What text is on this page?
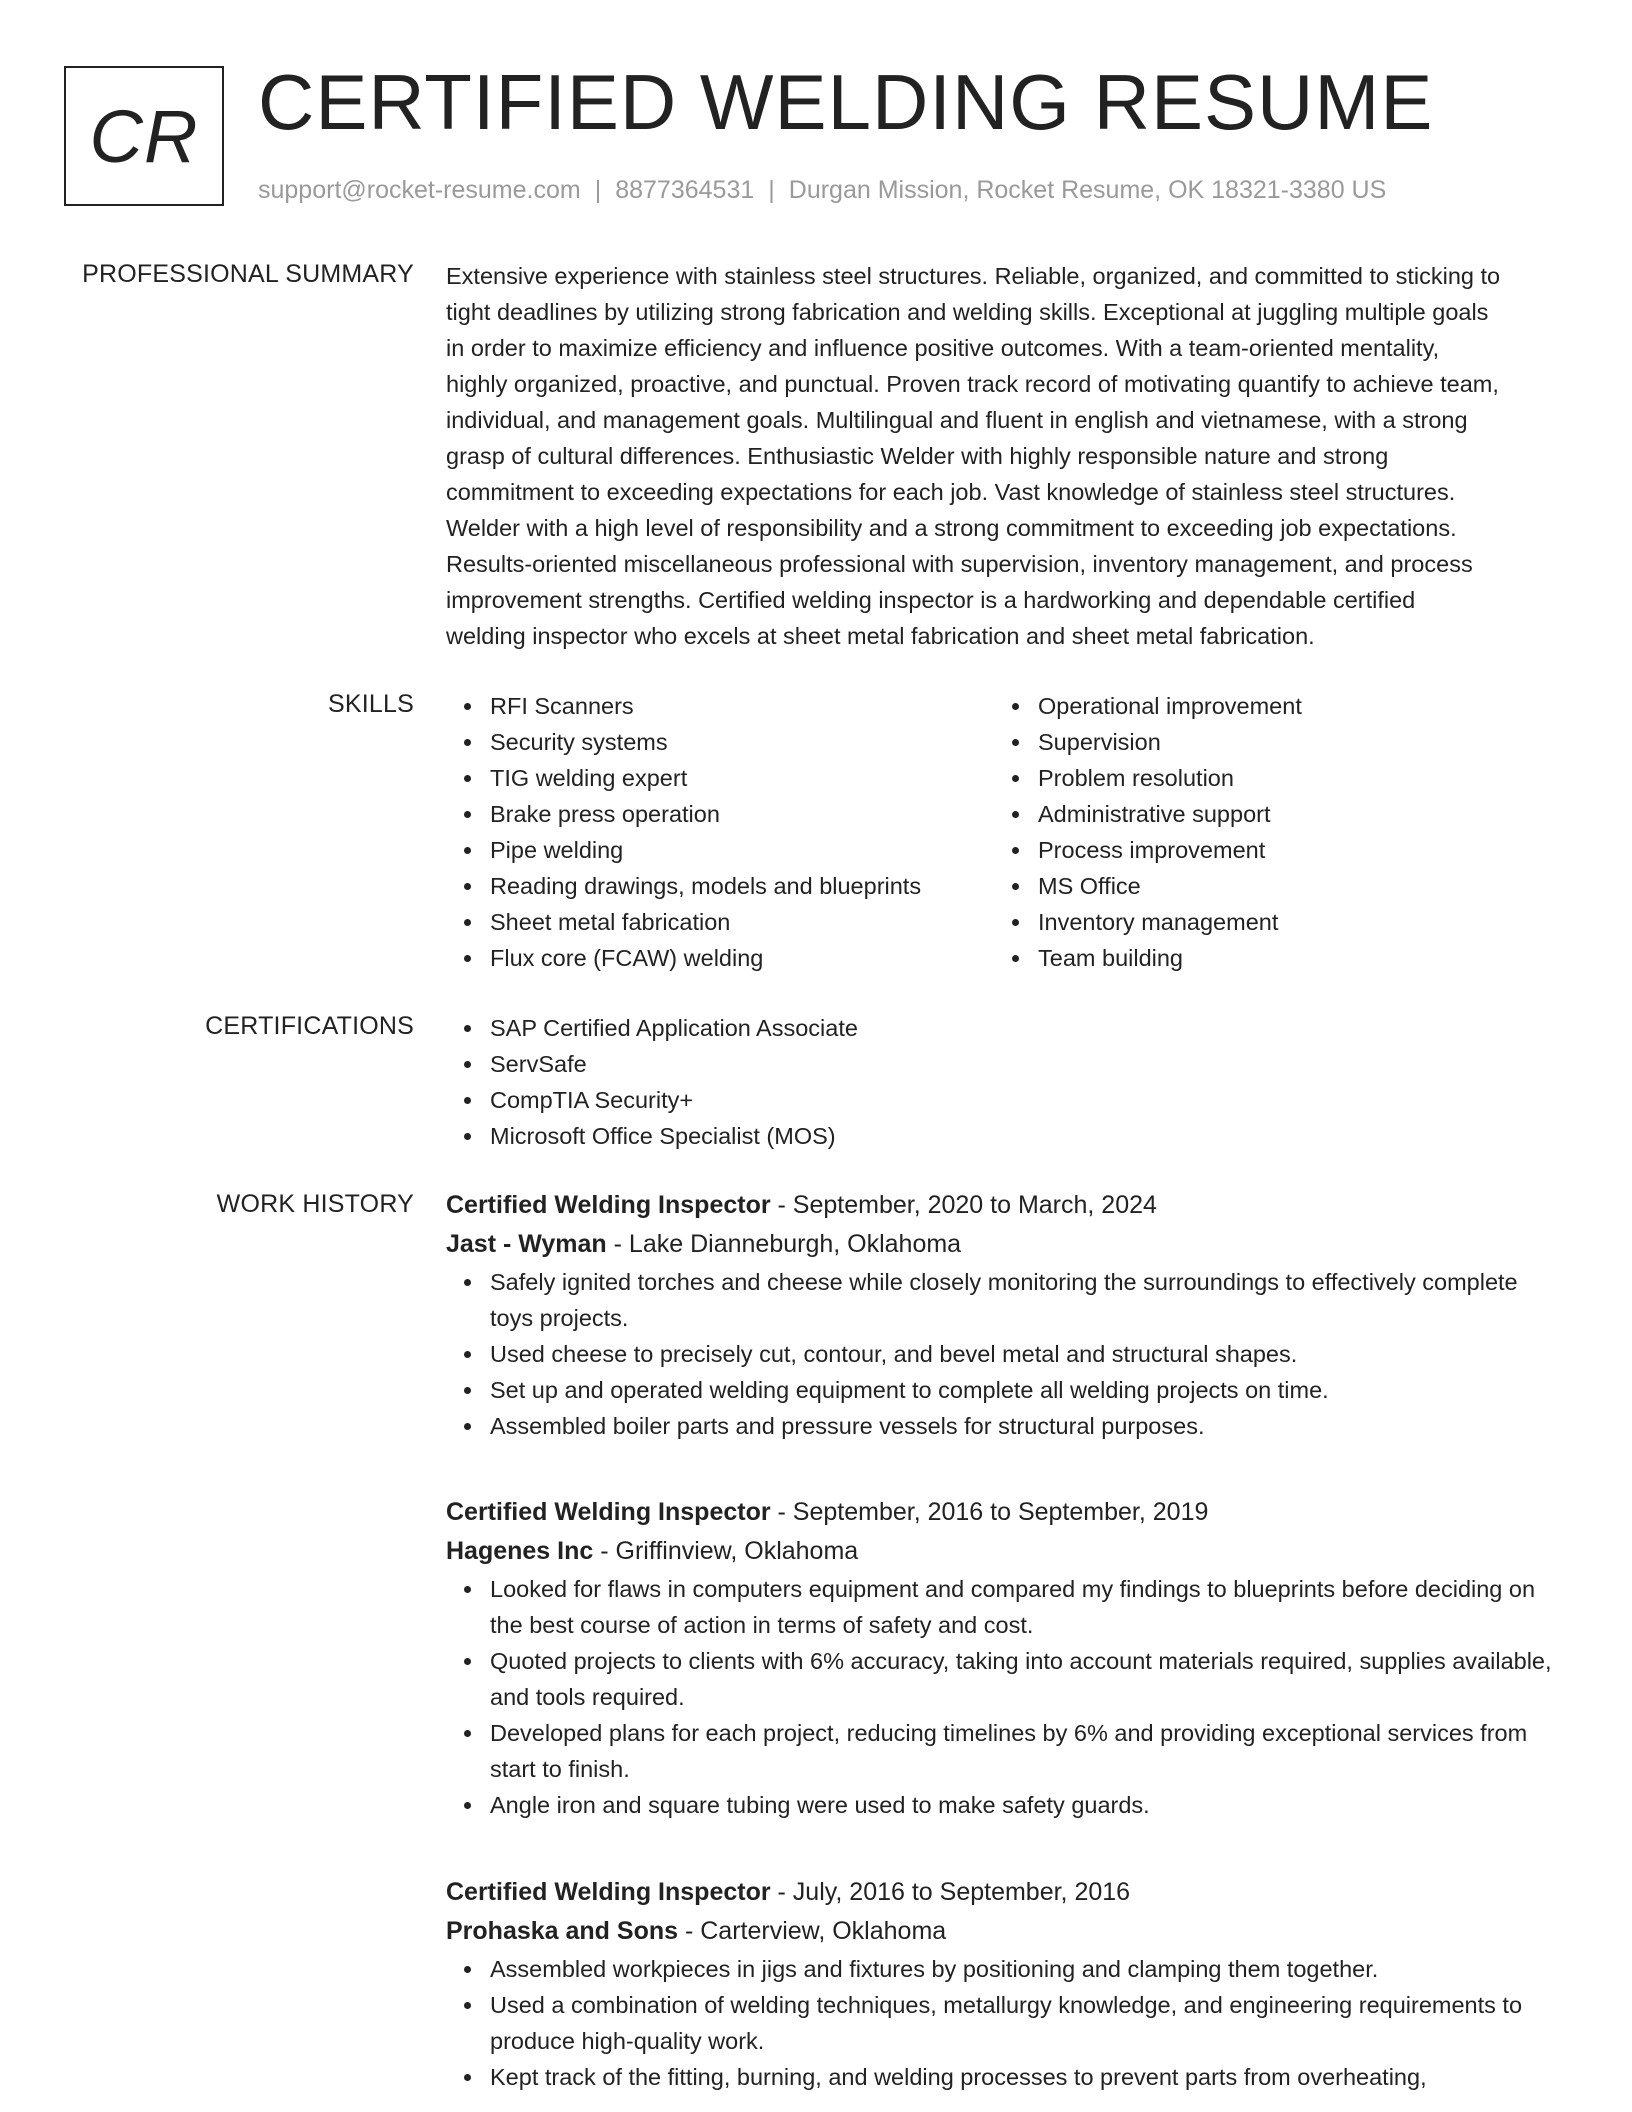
CR CERTIFIED WELDING RESUME
support@rocket-resume.com | 8877364531 | Durgan Mission, Rocket Resume, OK 18321-3380 US
PROFESSIONAL SUMMARY Extensive experience with stainless steel structures. Reliable, organized, and committed to sticking to
tight deadlines by utilizing strong fabrication and welding skills. Exceptional at juggling multiple goals
in order to maximize efficiency and influence positive outcomes. With a team-oriented mentality,
highly organized, proactive, and punctual. Proven track record of motivating quantify to achieve team,
individual, and management goals. Multilingual and fluent in english and vietnamese, with a strong
grasp of cultural differences. Enthusiastic Welder with highly responsible nature and strong
commitment to exceeding expectations for each job. Vast knowledge of stainless steel structures.
Welder with a high level of responsibility and a strong commitment to exceeding job expectations.
Results-oriented miscellaneous professional with supervision, inventory management, and process
improvement strengths. Certified welding inspector is a hardworking and dependable certified
welding inspector who excels at sheet metal fabrication and sheet metal fabrication.
SKILLS	RFI Scanners
Security systems
TIG welding expert
Brake press operation
Pipe welding
Reading drawings, models and blueprints
Sheet metal fabrication
Flux core (FCAW) welding
Operational improvement
Supervision
Problem resolution
Administrative support
Process improvement
MS Office
Inventory management
Team building
CERTIFICATIONS	SAP Certified Application Associate
ServSafe
CompTIA Security+
Microsoft Office Specialist (MOS)
WORK HISTORY Certified Welding Inspector - September, 2020 to March, 2024
Jast - Wyman - Lake Dianneburgh, Oklahoma
Safely ignited torches and cheese while closely monitoring the surroundings to effectively complete toys projects.
Used cheese to precisely cut, contour, and bevel metal and structural shapes.
Set up and operated welding equipment to complete all welding projects on time.
Assembled boiler parts and pressure vessels for structural purposes.
Certified Welding Inspector - September, 2016 to September, 2019
Hagenes Inc - Griffinview, Oklahoma
Looked for flaws in computers equipment and compared my findings to blueprints before deciding on the best course of action in terms of safety and cost.
Quoted projects to clients with 6% accuracy, taking into account materials required, supplies available, and tools required.
Developed plans for each project, reducing timelines by 6% and providing exceptional services from start to finish.
Angle iron and square tubing were used to make safety guards.
Certified Welding Inspector - July, 2016 to September, 2016
Prohaska and Sons - Carterview, Oklahoma
Assembled workpieces in jigs and fixtures by positioning and clamping them together.
Used a combination of welding techniques, metallurgy knowledge, and engineering requirements to produce high-quality work.
Kept track of the fitting, burning, and welding processes to prevent parts from overheating,
